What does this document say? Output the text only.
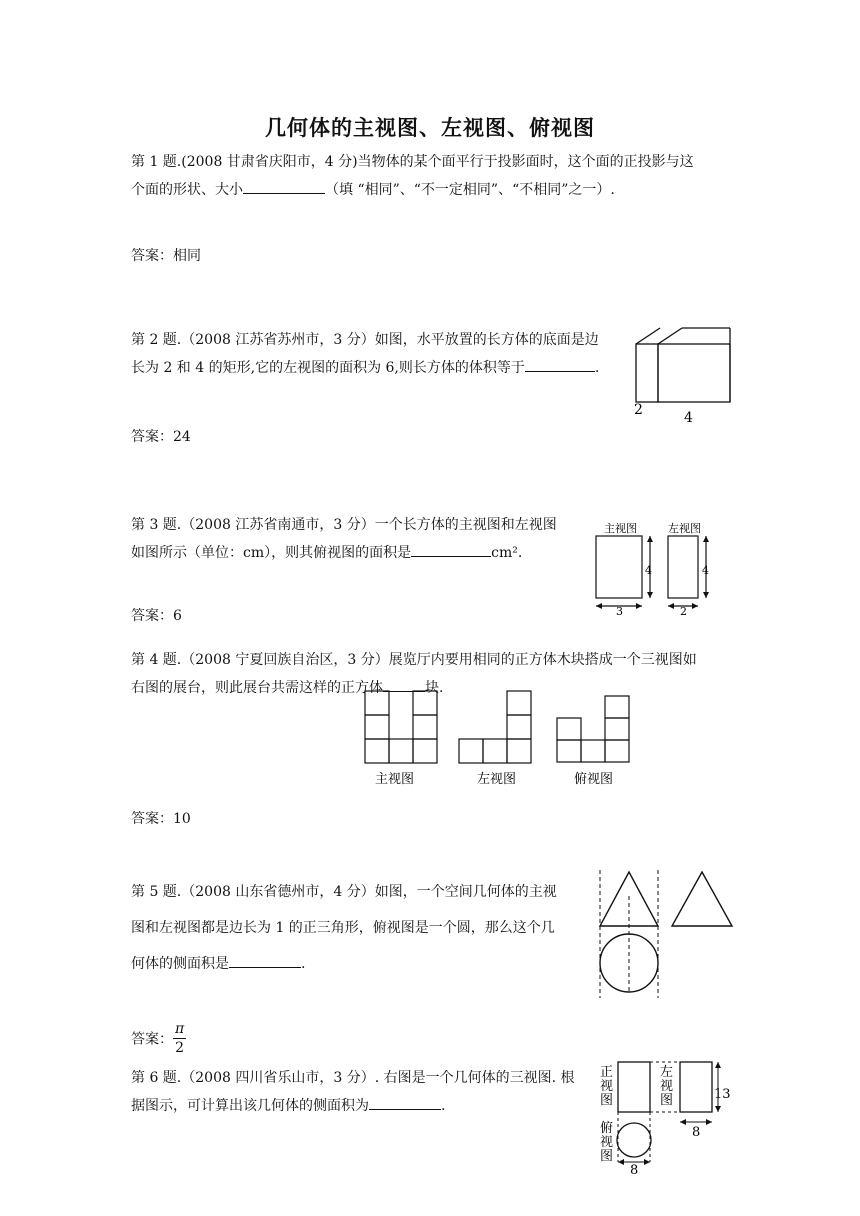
几何体的主视图、左视图、俯视图
第 1 题.(2008 甘肃省庆阳市，4 分)当物体的某个面平行于投影面时，这个面的正投影与这
个面的形状、大小	（填 “相同”、“不一定相同”、“不相同”之一）.
答案：相同
第 2 题.（2008 江苏省苏州市，3 分）如图，水平放置的长方体的底面是边
长为 2 和 4 的矩形,它的左视图的面积为 6,则长方体的体积等于	.
2	4
答案：24
第 3 题.（2008 江苏省南通市，3 分）一个长方体的主视图和左视图
如图所示（单位：cm），则其俯视图的面积是	cm².
主视图	左视图
4	4
3	2
答案：6
第 4 题.（2008 宁夏回族自治区，3 分）展览厅内要用相同的正方体木块搭成一个三视图如
右图的展台，则此展台共需这样的正方体	块.
主视图	左视图	俯视图
答案：10
第 5 题.（2008 山东省德州市，4 分）如图，一个空间几何体的主视
图和左视图都是边长为 1 的正三角形，俯视图是一个圆，那么这个几
何体的侧面积是	.
答案： $\frac{\pi}{2}$
第 6 题.（2008 四川省乐山市，3 分）. 右图是一个几何体的三视图. 根
据图示，可计算出该几何体的侧面积为	.
正
视
图
左
视
图
俯
视
图
13
8
8
